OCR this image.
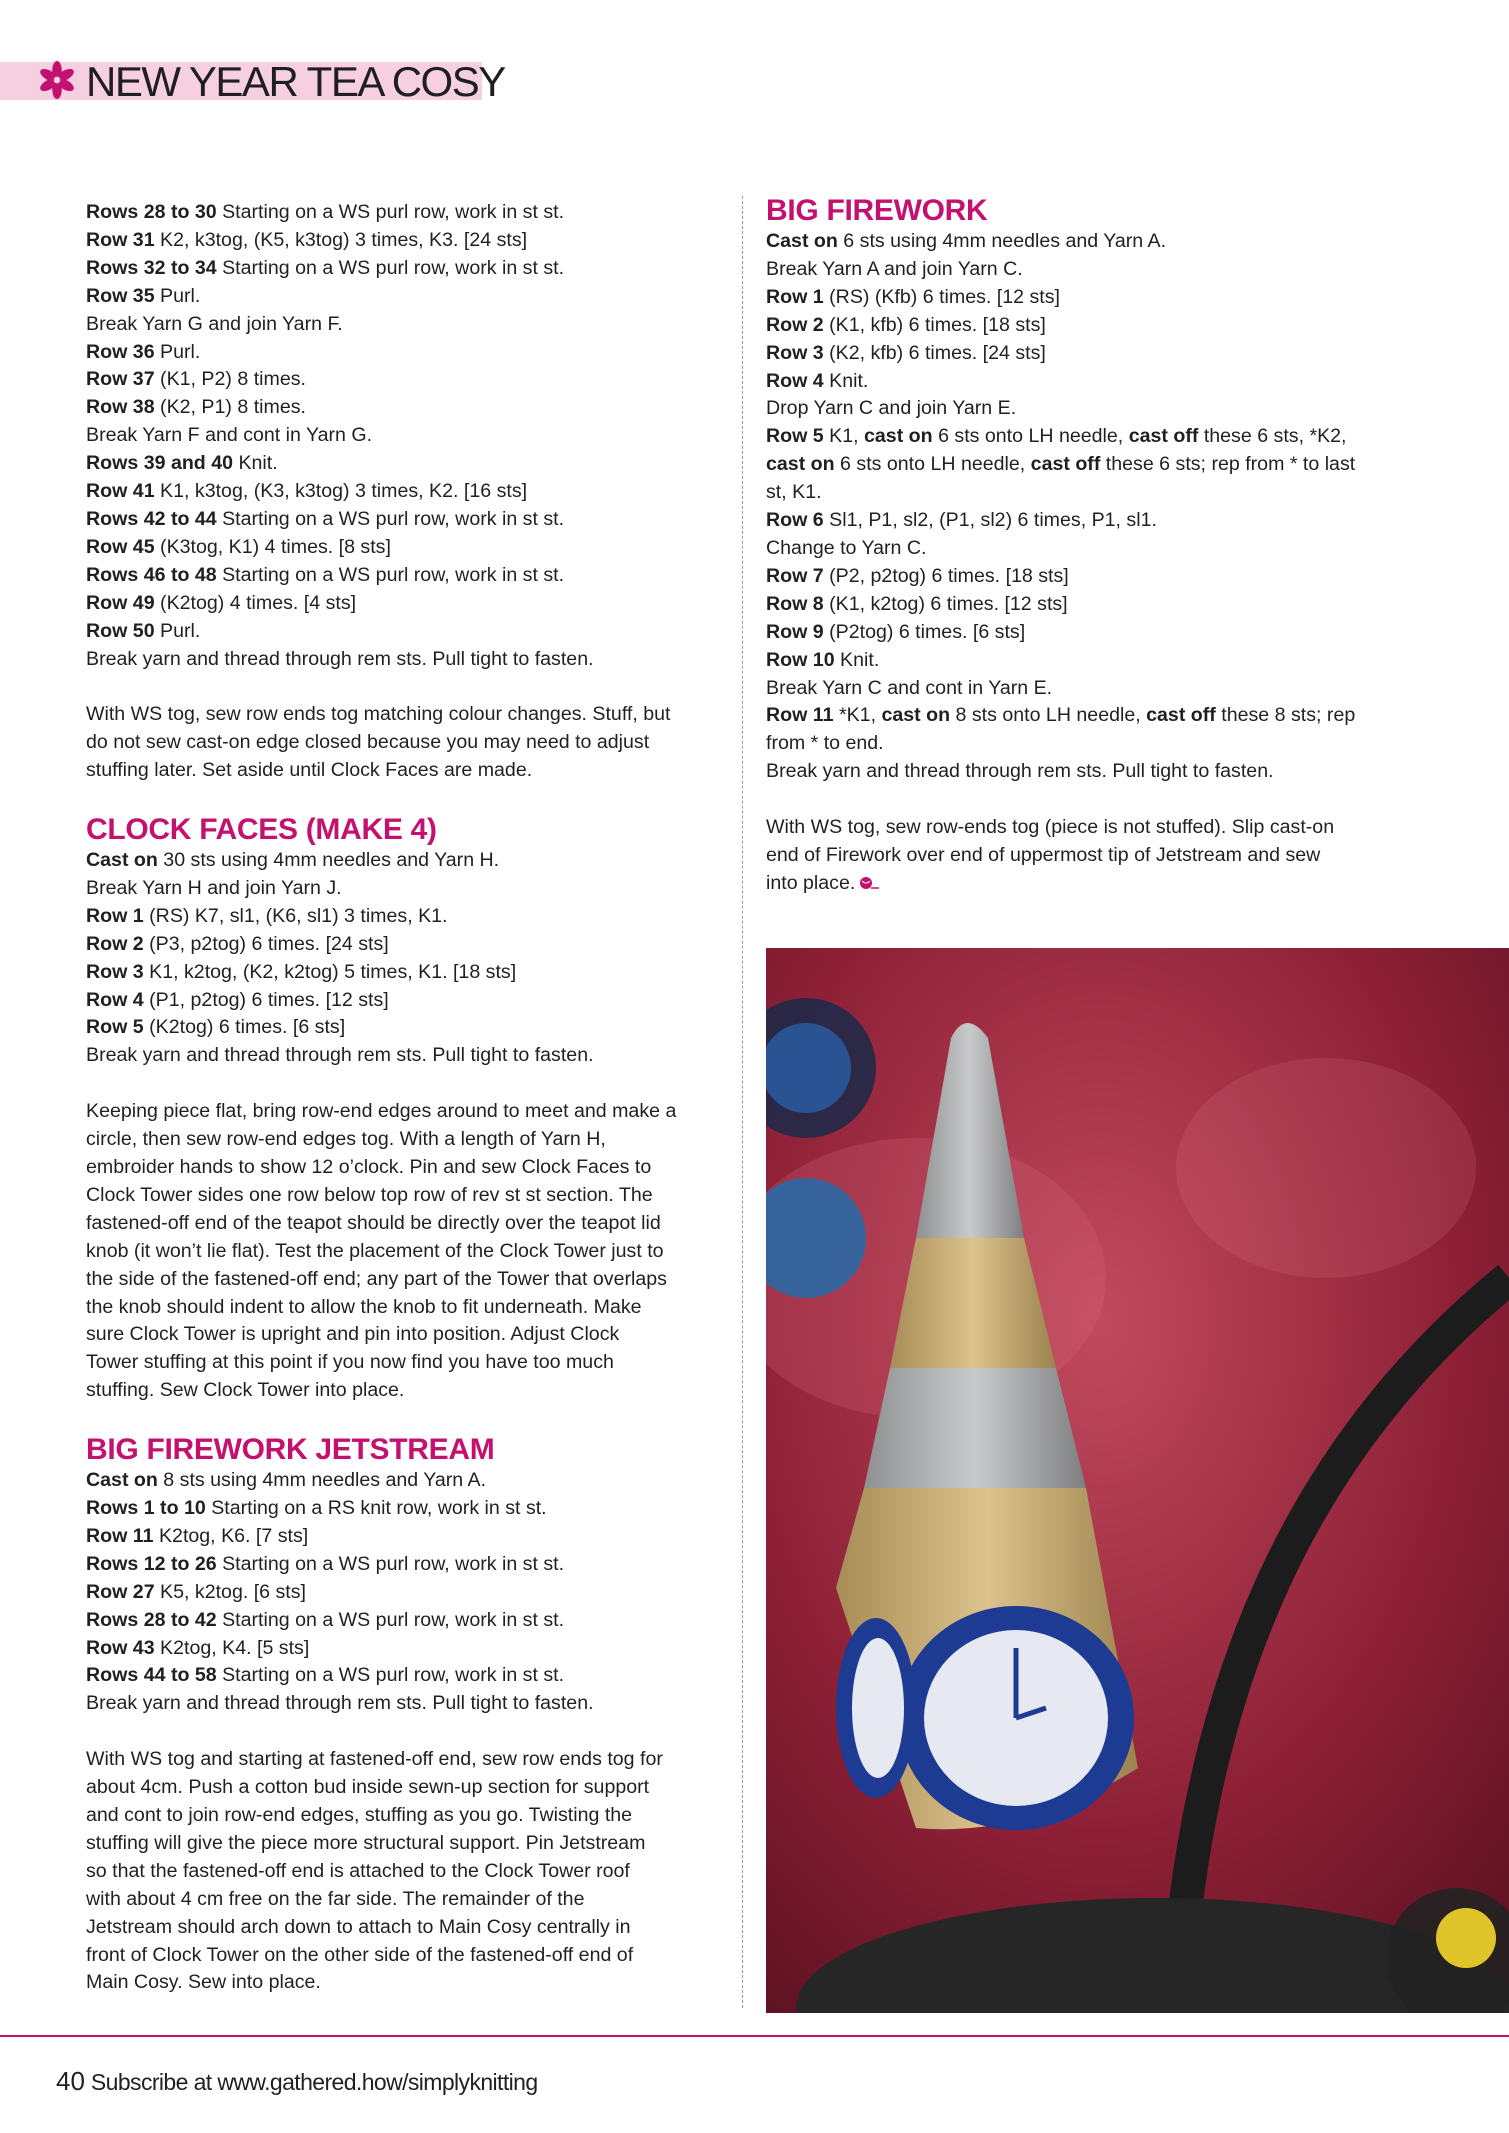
NEW YEAR TEA COSY

Rows 28 to 30 Starting on a WS purl row, work in st st.

Row 31 K2, k3tog, (K5, k3tog) 3 times, K3. [24 sts]

Rows 32 to 34 Starting on a WS purl row, work in st st.

Row 35 Purl.

Break Yarn G and join Yarn F.

Row 36 Purl.

Row 37 (K1, P2) 8 times.

Row 38 (K2, P1) 8 times.

Break Yarn F and cont in Yarn G.

Rows 39 and 40 Knit.

Row 41 K1, k3tog, (K3, k3tog) 3 times, K2. [16 sts]

Rows 42 to 44 Starting on a WS purl row, work in st st.

Row 45 (K3tog, K1) 4 times. [8 sts]

Rows 46 to 48 Starting on a WS purl row, work in st st.

Row 49 (K2tog) 4 times. [4 sts]

Row 50 Purl.

Break yarn and thread through rem sts. Pull tight to fasten.

With WS tog, sew row ends tog matching colour changes. Stuff, but

do not sew cast-on edge closed because you may need to adjust

stuffing later. Set aside until Clock Faces are made.

CLOCK FACES (MAKE 4)

Cast on 30 sts using 4mm needles and Yarn H.

Break Yarn H and join Yarn J.

Row 1 (RS) K7, sl1, (K6, sl1) 3 times, K1.

Row 2 (P3, p2tog) 6 times. [24 sts]

Row 3 K1, k2tog, (K2, k2tog) 5 times, K1. [18 sts]

Row 4 (P1, p2tog) 6 times. [12 sts]

Row 5 (K2tog) 6 times. [6 sts]

Break yarn and thread through rem sts. Pull tight to fasten.

Keeping piece flat, bring row-end edges around to meet and make a

circle, then sew row-end edges tog. With a length of Yarn H,

embroider hands to show 12 o’clock. Pin and sew Clock Faces to

Clock Tower sides one row below top row of rev st st section. The

fastened-off end of the teapot should be directly over the teapot lid

knob (it won’t lie flat). Test the placement of the Clock Tower just to

the side of the fastened-off end; any part of the Tower that overlaps

the knob should indent to allow the knob to fit underneath. Make

sure Clock Tower is upright and pin into position. Adjust Clock

Tower stuffing at this point if you now find you have too much

stuffing. Sew Clock Tower into place.

BIG FIREWORK JETSTREAM

Cast on 8 sts using 4mm needles and Yarn A.

Rows 1 to 10 Starting on a RS knit row, work in st st.

Row 11 K2tog, K6. [7 sts]

Rows 12 to 26 Starting on a WS purl row, work in st st.

Row 27 K5, k2tog. [6 sts]

Rows 28 to 42 Starting on a WS purl row, work in st st.

Row 43 K2tog, K4. [5 sts]

Rows 44 to 58 Starting on a WS purl row, work in st st.

Break yarn and thread through rem sts. Pull tight to fasten.

With WS tog and starting at fastened-off end, sew row ends tog for

about 4cm. Push a cotton bud inside sewn-up section for support

and cont to join row-end edges, stuffing as you go. Twisting the

stuffing will give the piece more structural support. Pin Jetstream

so that the fastened-off end is attached to the Clock Tower roof

with about 4 cm free on the far side. The remainder of the

Jetstream should arch down to attach to Main Cosy centrally in

front of Clock Tower on the other side of the fastened-off end of

Main Cosy. Sew into place.

BIG FIREWORK

Cast on 6 sts using 4mm needles and Yarn A.

Break Yarn A and join Yarn C.

Row 1 (RS) (Kfb) 6 times. [12 sts]

Row 2 (K1, kfb) 6 times. [18 sts]

Row 3 (K2, kfb) 6 times. [24 sts]

Row 4 Knit.

Drop Yarn C and join Yarn E.

Row 5 K1, cast on 6 sts onto LH needle, cast off these 6 sts, *K2,

cast on 6 sts onto LH needle, cast off these 6 sts; rep from * to last

st, K1.

Row 6 Sl1, P1, sl2, (P1, sl2) 6 times, P1, sl1.

Change to Yarn C.

Row 7 (P2, p2tog) 6 times. [18 sts]

Row 8 (K1, k2tog) 6 times. [12 sts]

Row 9 (P2tog) 6 times. [6 sts]

Row 10 Knit.

Break Yarn C and cont in Yarn E.

Row 11 *K1, cast on 8 sts onto LH needle, cast off these 8 sts; rep

from * to end.

Break yarn and thread through rem sts. Pull tight to fasten.

With WS tog, sew row-ends tog (piece is not stuffed). Slip cast-on

end of Firework over end of uppermost tip of Jetstream and sew

into place.

40 Subscribe at www.gathered.how/simplyknitting
